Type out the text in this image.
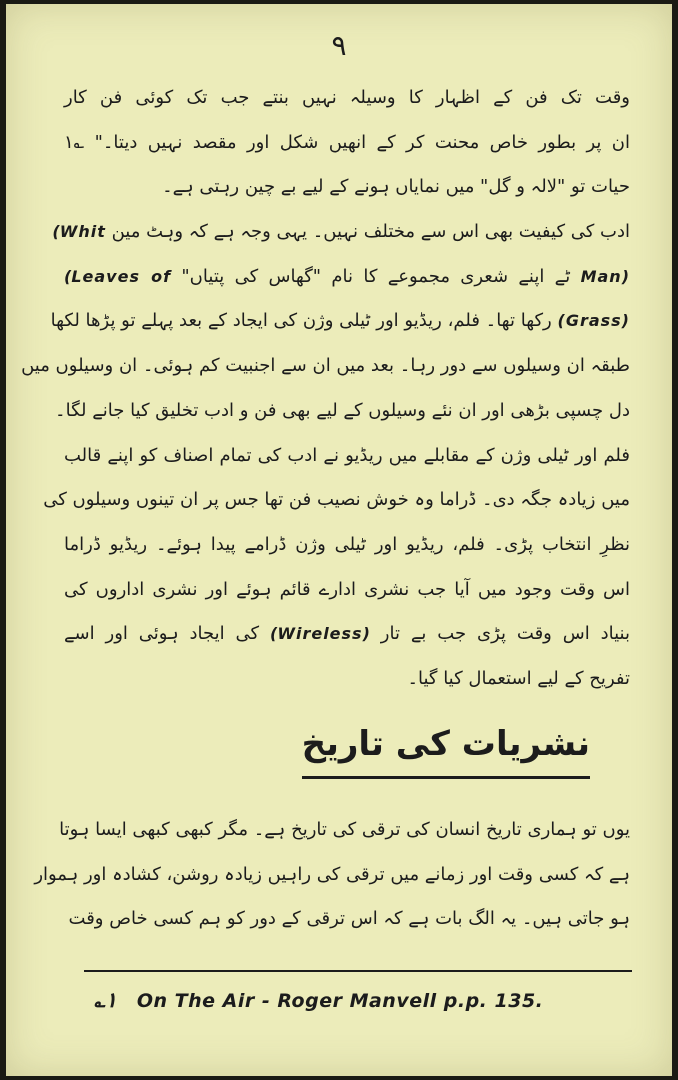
۹
وقت تک فن کے اظہار کا وسیلہ نہیں بنتے جب تک کوئی فن کار
ان پر بطور خاص محنت کر کے انھیں شکل اور مقصد نہیں دیتا۔" ؎۱
حیات تو "لالہ و گل" میں نمایاں ہونے کے لیے بے چین رہتی ہے۔
ادب کی کیفیت بھی اس سے مختلف نہیں۔ یہی وجہ ہے کہ وہٹ مین (Whit
Man) ٹے اپنے شعری مجموعے کا نام "گھاس کی پتیاں" (Leaves of
(Grass) رکھا تھا۔ فلم، ریڈیو اور ٹیلی وژن کی ایجاد کے بعد پہلے تو پڑھا لکھا
طبقہ ان وسیلوں سے دور رہا۔ بعد میں ان سے اجنبیت کم ہوئی۔ ان وسیلوں میں
دل چسپی بڑھی اور ان نئے وسیلوں کے لیے بھی فن و ادب تخلیق کیا جانے لگا۔
فلم اور ٹیلی وژن کے مقابلے میں ریڈیو نے ادب کی تمام اصناف کو اپنے قالب
میں زیادہ جگہ دی۔ ڈراما وہ خوش نصیب فن تھا جس پر ان تینوں وسیلوں کی
نظرِ انتخاب پڑی۔ فلم، ریڈیو اور ٹیلی وژن ڈرامے پیدا ہوئے۔ ریڈیو ڈراما
اس وقت وجود میں آیا جب نشری ادارے قائم ہوئے اور نشری اداروں کی
بنیاد اس وقت پڑی جب بے تار (Wireless) کی ایجاد ہوئی اور اسے
تفریح کے لیے استعمال کیا گیا۔
نشریات کی تاریخ
یوں تو ہماری تاریخ انسان کی ترقی کی تاریخ ہے۔ مگر کبھی کبھی ایسا ہوتا
ہے کہ کسی وقت اور زمانے میں ترقی کی راہیں زیادہ روشن، کشادہ اور ہموار
ہو جاتی ہیں۔ یہ الگ بات ہے کہ اس ترقی کے دور کو ہم کسی خاص وقت
؎۱ On The Air - Roger Manvell p.p. 135.
